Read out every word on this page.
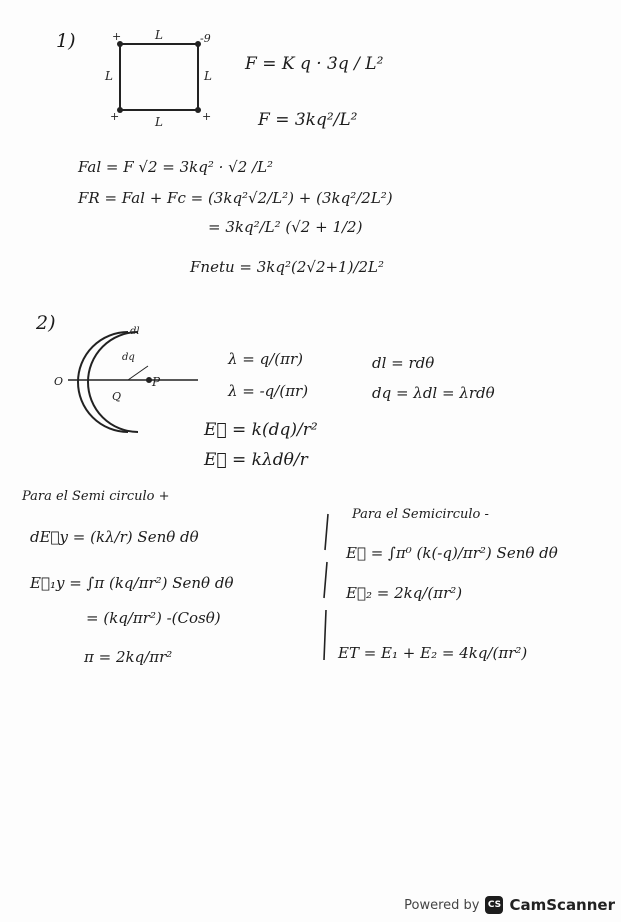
1)	+	-9
+	+
L
L	L
L
F = K q · 3q / L²
F = 3kq²/L²
Fal = F √2 = 3kq² · √2 /L²
FR = Fal + Fc = (3kq²√2/L²) + (3kq²/2L²)
= 3kq²/L² (√2 + 1/2)
Fnetu = 3kq²(2√2+1)/2L²
2)
O	P
Q
dq
dl
λ = q/(πr)
λ = -q/(πr)
dl = rdθ
dq = λdl = λrdθ
E⃗ = k(dq)/r²
E⃗ = kλdθ/r
Para el Semi circulo +
dE⃗y = (kλ/r) Senθ dθ
E⃗₁y = ∫π (kq/πr²) Senθ dθ
= (kq/πr²) -(Cosθ)
π = 2kq/πr²
Para el Semicirculo -
E⃗ = ∫π⁰ (k(-q)/πr²) Senθ dθ
E⃗₂ = 2kq/(πr²)
ET = E₁ + E₂ = 4kq/(πr²)
Powered by CS CamScanner
